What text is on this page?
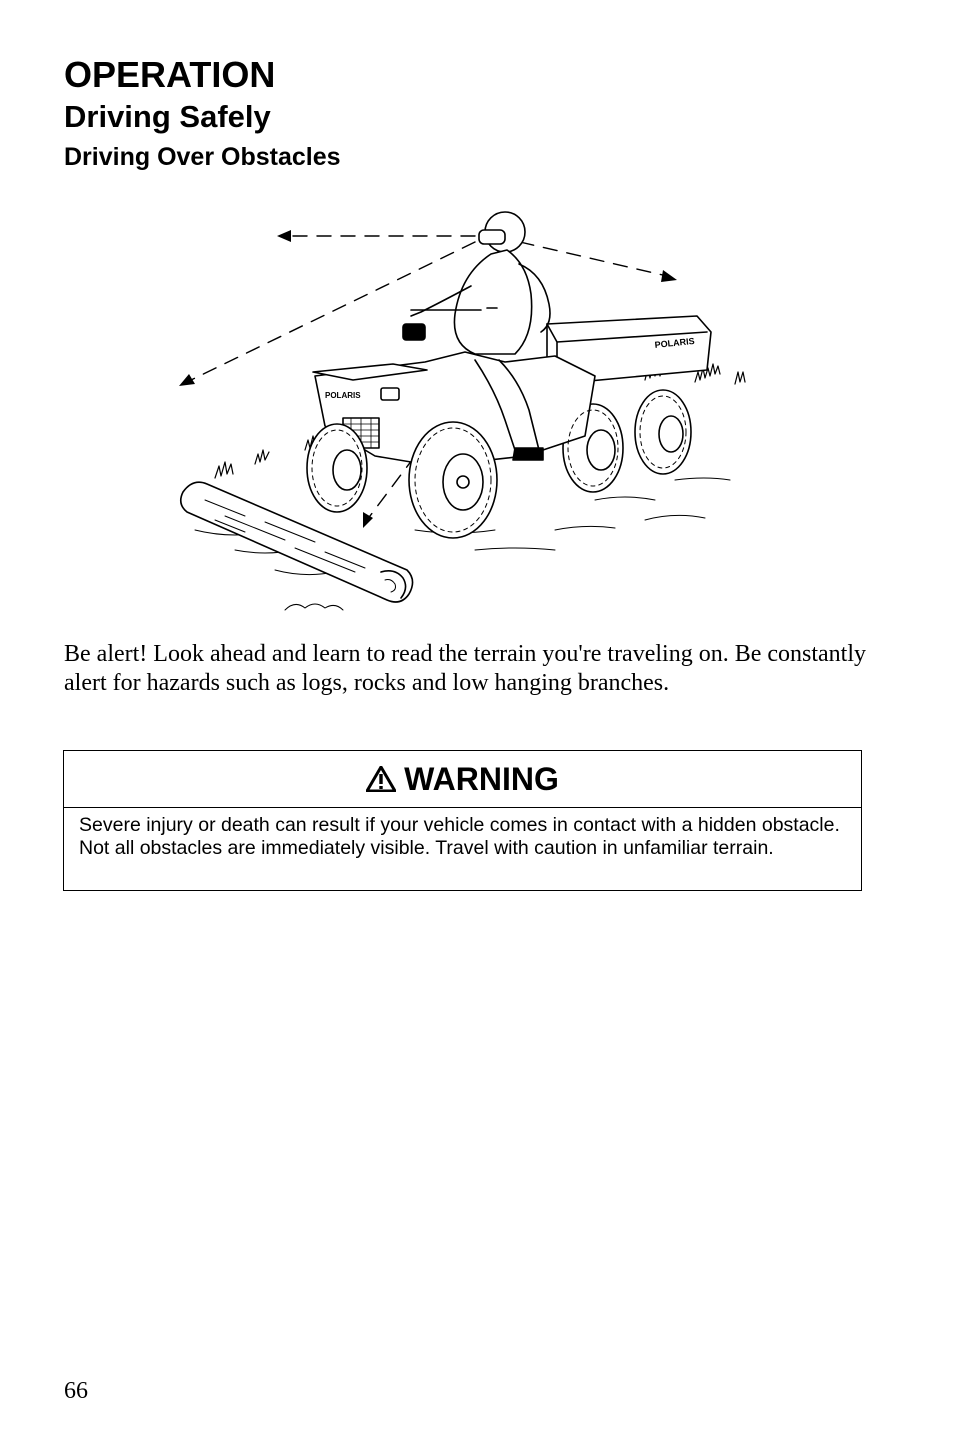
OPERATION
Driving Safely
Driving Over Obstacles
POLARIS
POLARIS

Be alert! Look ahead and learn to read the terrain you're traveling on. Be constantly alert for hazards such as logs, rocks and low hanging branches.

WARNING

Severe injury or death can result if your vehicle comes in contact with a hidden obstacle. Not all obstacles are immediately visible. Travel with caution in unfamiliar terrain.

66
